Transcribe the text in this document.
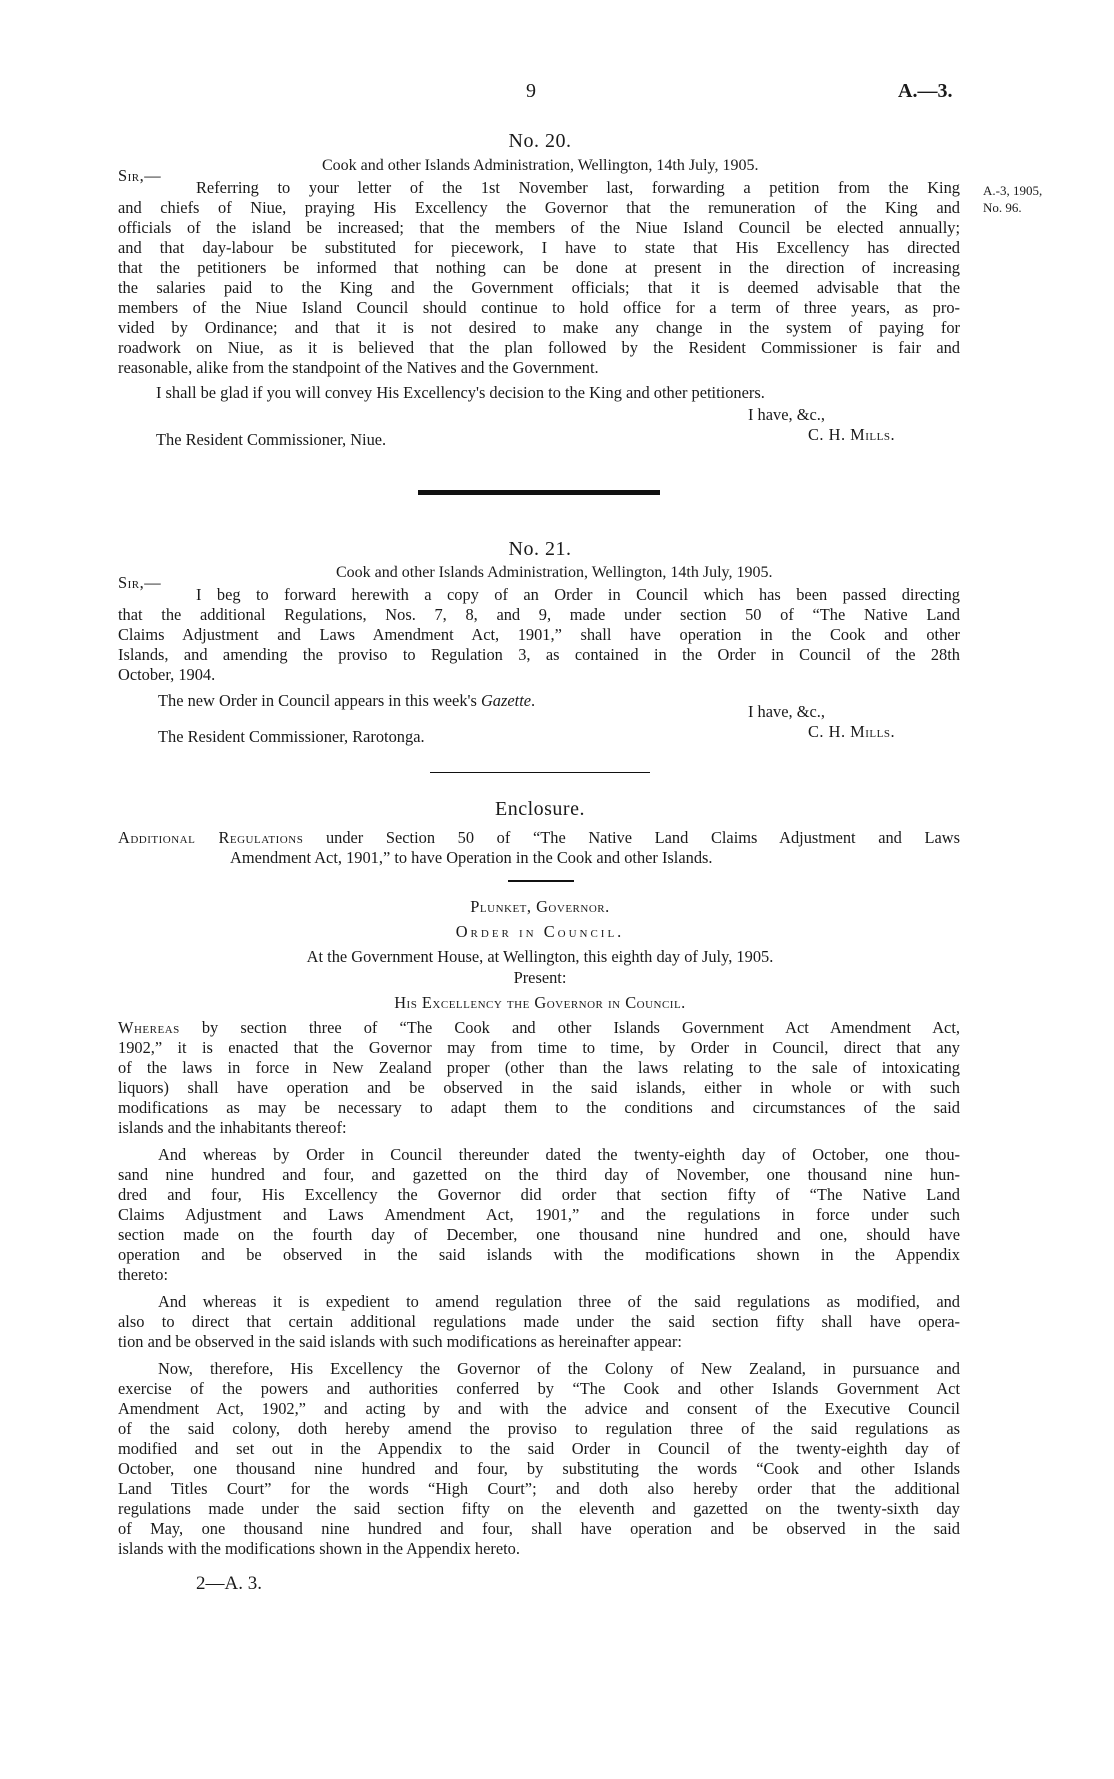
9	A.—3.
No. 20.
Sir,—
Cook and other Islands Administration, Wellington, 14th July, 1905.
A.-3, 1905,
No. 96.
Referring to your letter of the 1st November last, forwarding a petition from the King
and chiefs of Niue, praying His Excellency the Governor that the remuneration of the King and
officials of the island be increased; that the members of the Niue Island Council be elected annually;
and that day-labour be substituted for piecework, I have to state that His Excellency has directed
that the petitioners be informed that nothing can be done at present in the direction of increasing
the salaries paid to the King and the Government officials; that it is deemed advisable that the
members of the Niue Island Council should continue to hold office for a term of three years, as pro-
vided by Ordinance; and that it is not desired to make any change in the system of paying for
roadwork on Niue, as it is believed that the plan followed by the Resident Commissioner is fair and
reasonable, alike from the standpoint of the Natives and the Government.
I shall be glad if you will convey His Excellency's decision to the King and other petitioners.
I have, &c.,
C. H. Mills.
The Resident Commissioner, Niue.
No. 21.
Sir,—
Cook and other Islands Administration, Wellington, 14th July, 1905.
I beg to forward herewith a copy of an Order in Council which has been passed directing
that the additional Regulations, Nos. 7, 8, and 9, made under section 50 of “The Native Land
Claims Adjustment and Laws Amendment Act, 1901,” shall have operation in the Cook and other
Islands, and amending the proviso to Regulation 3, as contained in the Order in Council of the 28th
October, 1904.
The new Order in Council appears in this week's Gazette.
I have, &c.,
C. H. Mills.
The Resident Commissioner, Rarotonga.
Enclosure.
Additional Regulations under Section 50 of “The Native Land Claims Adjustment and Laws
Amendment Act, 1901,” to have Operation in the Cook and other Islands.
Plunket, Governor.
Order in Council.
At the Government House, at Wellington, this eighth day of July, 1905.
Present:
His Excellency the Governor in Council.
Whereas by section three of “The Cook and other Islands Government Act Amendment Act,
1902,” it is enacted that the Governor may from time to time, by Order in Council, direct that any
of the laws in force in New Zealand proper (other than the laws relating to the sale of intoxicating
liquors) shall have operation and be observed in the said islands, either in whole or with such
modifications as may be necessary to adapt them to the conditions and circumstances of the said
islands and the inhabitants thereof:
And whereas by Order in Council thereunder dated the twenty-eighth day of October, one thou-
sand nine hundred and four, and gazetted on the third day of November, one thousand nine hun-
dred and four, His Excellency the Governor did order that section fifty of “The Native Land
Claims Adjustment and Laws Amendment Act, 1901,” and the regulations in force under such
section made on the fourth day of December, one thousand nine hundred and one, should have
operation and be observed in the said islands with the modifications shown in the Appendix
thereto:
And whereas it is expedient to amend regulation three of the said regulations as modified, and
also to direct that certain additional regulations made under the said section fifty shall have opera-
tion and be observed in the said islands with such modifications as hereinafter appear:
Now, therefore, His Excellency the Governor of the Colony of New Zealand, in pursuance and
exercise of the powers and authorities conferred by “The Cook and other Islands Government Act
Amendment Act, 1902,” and acting by and with the advice and consent of the Executive Council
of the said colony, doth hereby amend the proviso to regulation three of the said regulations as
modified and set out in the Appendix to the said Order in Council of the twenty-eighth day of
October, one thousand nine hundred and four, by substituting the words “Cook and other Islands
Land Titles Court” for the words “High Court”; and doth also hereby order that the additional
regulations made under the said section fifty on the eleventh and gazetted on the twenty-sixth day
of May, one thousand nine hundred and four, shall have operation and be observed in the said
islands with the modifications shown in the Appendix hereto.
2—A. 3.
